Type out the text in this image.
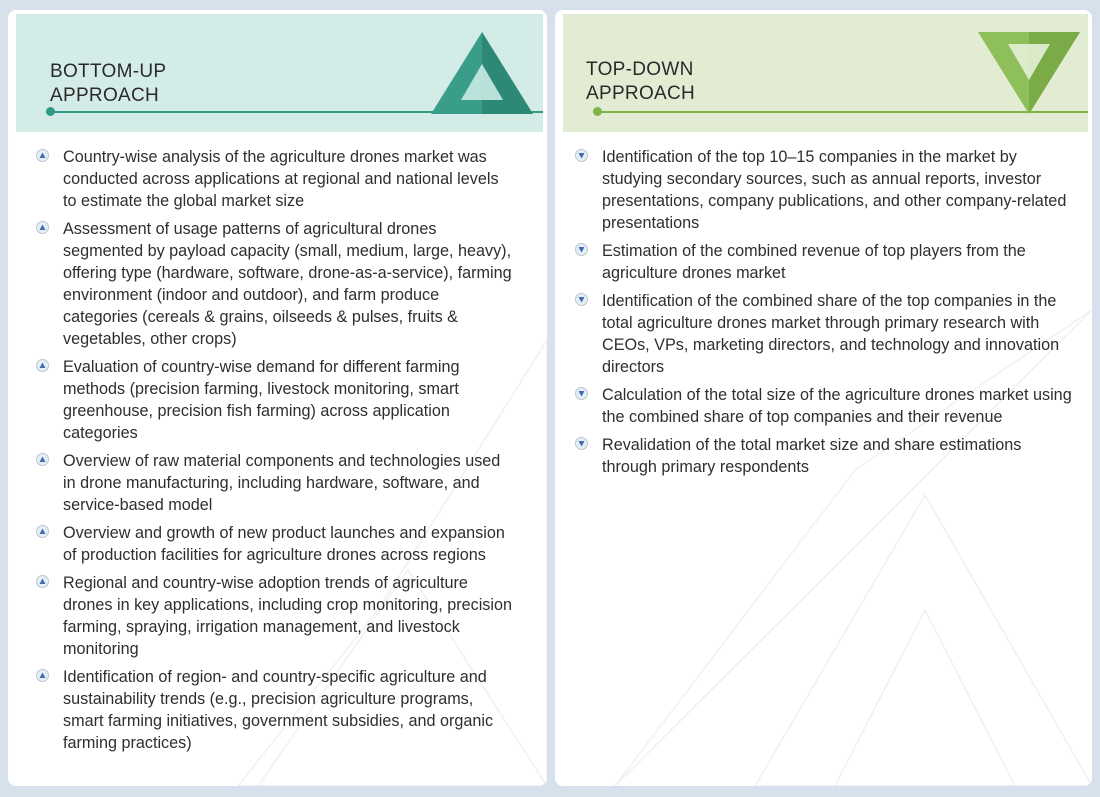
BOTTOM-UP
APPROACH
Country-wise analysis of the agriculture drones market was conducted across applications at regional and national levels to estimate the global market size
Assessment of usage patterns of agricultural drones segmented by payload capacity (small, medium, large, heavy), offering type (hardware, software, drone-as-a-service), farming environment (indoor and outdoor), and farm produce categories (cereals & grains, oilseeds & pulses, fruits & vegetables, other crops)
Evaluation of country-wise demand for different farming methods (precision farming, livestock monitoring, smart greenhouse, precision fish farming) across application categories
Overview of raw material components and technologies used in drone manufacturing, including hardware, software, and service-based model
Overview and growth of new product launches and expansion of production facilities for agriculture drones across regions
Regional and country-wise adoption trends of agriculture drones in key applications, including crop monitoring, precision farming, spraying, irrigation management, and livestock monitoring
Identification of region- and country-specific agriculture and sustainability trends (e.g., precision agriculture programs, smart farming initiatives, government subsidies, and organic farming practices)
TOP-DOWN
APPROACH
Identification of the top 10–15 companies in the market by studying secondary sources, such as annual reports, investor presentations, company publications, and other company-related presentations
Estimation of the combined revenue of top players from the agriculture drones market
Identification of the combined share of the top companies in the total agriculture drones market through primary research with CEOs, VPs, marketing directors, and technology and innovation directors
Calculation of the total size of the agriculture drones market using the combined share of top companies and their revenue
Revalidation of the total market size and share estimations through primary respondents
